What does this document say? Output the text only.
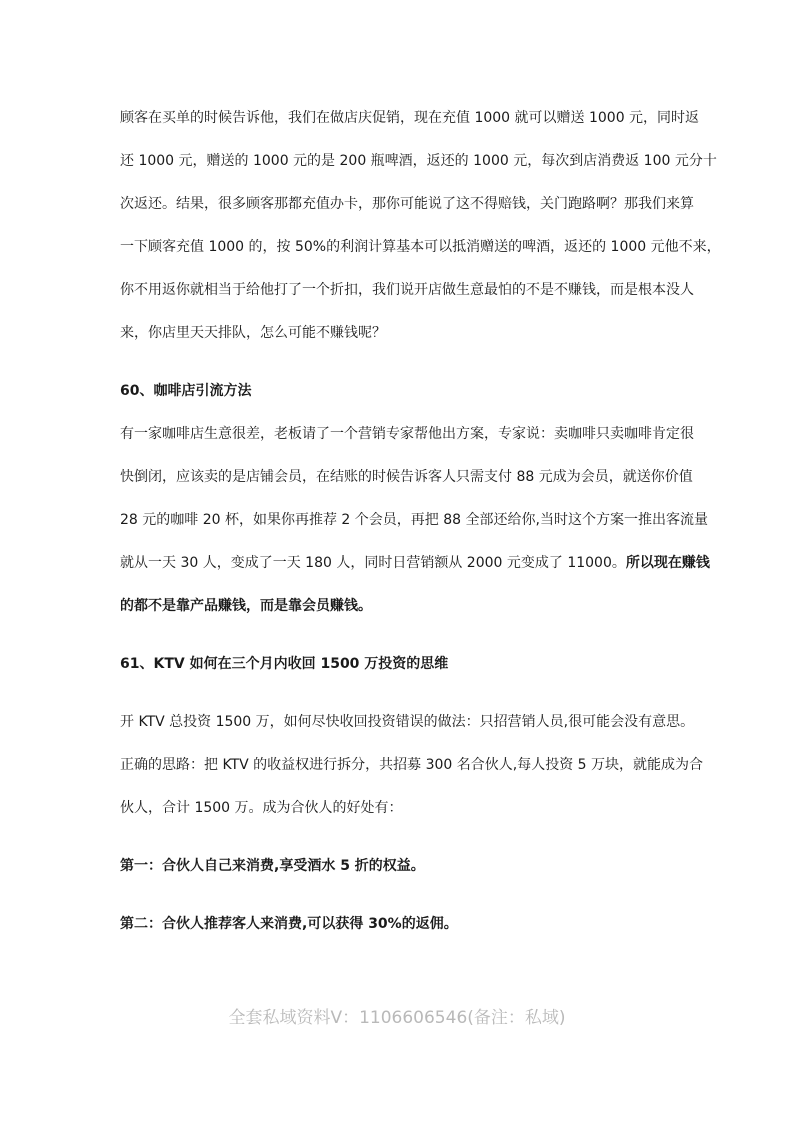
顾客在买单的时候告诉他，我们在做店庆促销，现在充值 1000 就可以赠送 1000 元，同时返
还 1000 元，赠送的 1000 元的是 200 瓶啤酒，返还的 1000 元，每次到店消费返 100 元分十
次返还。结果，很多顾客那都充值办卡，那你可能说了这不得赔钱，关门跑路啊？那我们来算
一下顾客充值 1000 的，按 50%的利润计算基本可以抵消赠送的啤酒，返还的 1000 元他不来，
你不用返你就相当于给他打了一个折扣，我们说开店做生意最怕的不是不赚钱，而是根本没人
来，你店里天天排队，怎么可能不赚钱呢？
60、咖啡店引流方法
有一家咖啡店生意很差，老板请了一个营销专家帮他出方案，专家说：卖咖啡只卖咖啡肯定很
快倒闭，应该卖的是店铺会员，在结账的时候告诉客人只需支付 88 元成为会员，就送你价值
28 元的咖啡 20 杯，如果你再推荐 2 个会员，再把 88 全部还给你,当时这个方案一推出客流量
就从一天 30 人，变成了一天 180 人，同时日营销额从 2000 元变成了 11000。所以现在赚钱
的都不是靠产品赚钱，而是靠会员赚钱。
61、KTV 如何在三个月内收回 1500 万投资的思维
开 KTV 总投资 1500 万，如何尽快收回投资错误的做法：只招营销人员,很可能会没有意思。
正确的思路：把 KTV 的收益权进行拆分，共招募 300 名合伙人,每人投资 5 万块，就能成为合
伙人，合计 1500 万。成为合伙人的好处有：
第一：合伙人自己来消费,享受酒水 5 折的权益。
第二：合伙人推荐客人来消费,可以获得 30%的返佣。
全套私域资料V：1106606546(备注：私域)
